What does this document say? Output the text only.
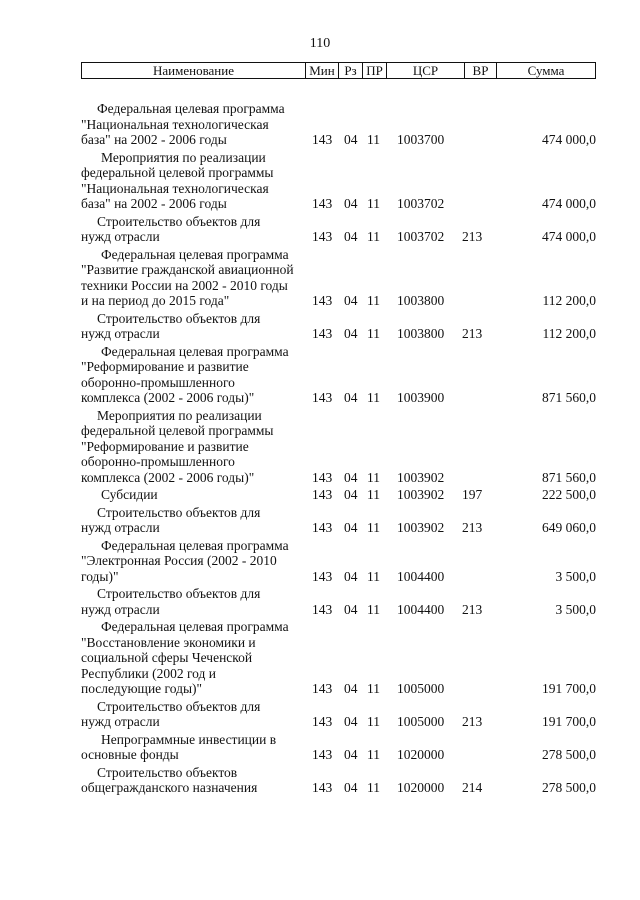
110
Наименование	Мин Рз ПР	ЦСР	ВР	Сумма
Федеральная целевая программа
"Национальная технологическая
база" на 2002 - 2006 годы	143 04 11 1003700	474 000,0
Мероприятия по реализации
федеральной целевой программы
"Национальная технологическая
база" на 2002 - 2006 годы	143 04 11 1003702	474 000,0
Строительство объектов для
нужд отрасли	143 04 11 1003702 213	474 000,0
Федеральная целевая программа
"Развитие гражданской авиационной
техники России на 2002 - 2010 годы
и на период до 2015 года"	143 04 11 1003800	112 200,0
Строительство объектов для
нужд отрасли	143 04 11 1003800 213	112 200,0
Федеральная целевая программа
"Реформирование и развитие
оборонно-промышленного
комплекса (2002 - 2006 годы)"	143 04 11 1003900	871 560,0
Мероприятия по реализации
федеральной целевой программы
"Реформирование и развитие
оборонно-промышленного
комплекса (2002 - 2006 годы)"	143 04 11 1003902	871 560,0
Субсидии	143 04 11 1003902 197	222 500,0
Строительство объектов для
нужд отрасли	143 04 11 1003902 213	649 060,0
Федеральная целевая программа
"Электронная Россия (2002 - 2010
годы)"	143 04 11 1004400	3 500,0
Строительство объектов для
нужд отрасли	143 04 11 1004400 213	3 500,0
Федеральная целевая программа
"Восстановление экономики и
социальной сферы Чеченской
Республики (2002 год и
последующие годы)"	143 04 11 1005000	191 700,0
Строительство объектов для
нужд отрасли	143 04 11 1005000 213	191 700,0
Непрограммные инвестиции в
основные фонды	143 04 11 1020000	278 500,0
Строительство объектов
общегражданского назначения	143 04 11 1020000 214	278 500,0
